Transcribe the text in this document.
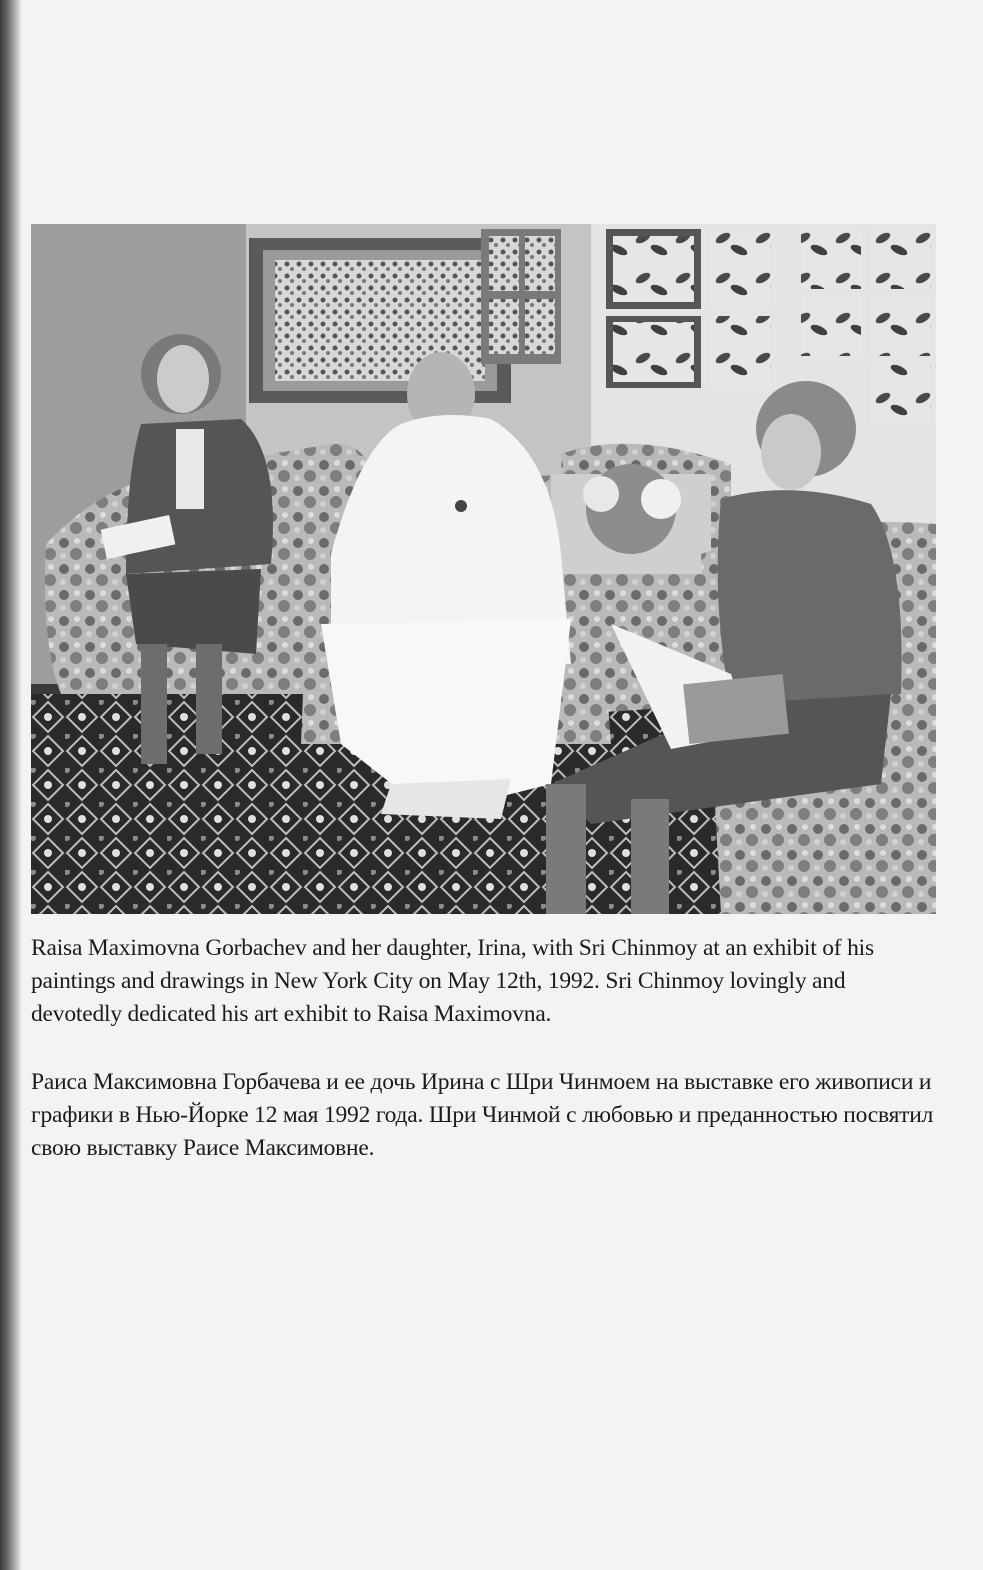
Raisa Maximovna Gorbachev and her daughter, Irina, with Sri Chinmoy at an exhibit of his paintings and drawings in New York City on May 12th, 1992. Sri Chinmoy lovingly and devotedly dedicated his art exhibit to Raisa Maximovna.

Раиса Максимовна Горбачева и ее дочь Ирина с Шри Чинмоем на выставке его живописи и графики в Нью-Йорке 12 мая 1992 года. Шри Чинмой с любовью и преданностью посвятил свою выставку Раисе Максимовне.
